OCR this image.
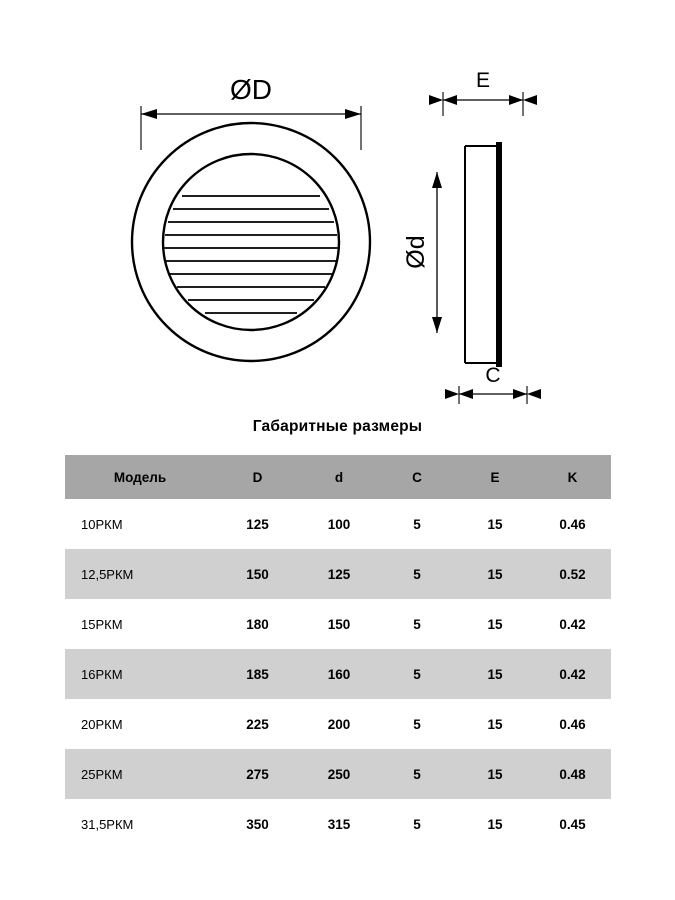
ØD	E
Ød
C
Габаритные размеры
Модель	D	d	C	E	K
10РКМ	125	100	5	15	0.46
12,5РКМ	150	125	5	15	0.52
15РКМ	180	150	5	15	0.42
16РКМ	185	160	5	15	0.42
20РКМ	225	200	5	15	0.46
25РКМ	275	250	5	15	0.48
31,5РКМ	350	315	5	15	0.45
